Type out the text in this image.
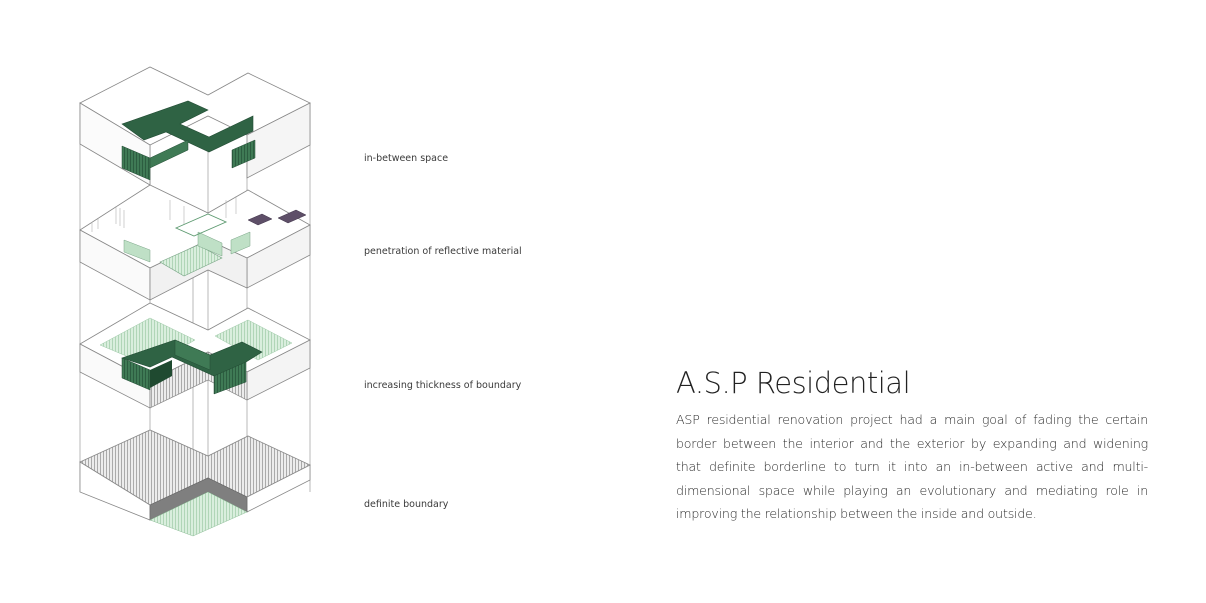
in-between space
penetration of reflective material
increasing thickness of boundary
definite boundary
A.S.P Residential

ASP residential renovation project had a main goal of fading the certain border between the interior and the exterior by expanding and widening that definite borderline to turn it into an in-between active and multi-dimensional space while playing an evolutionary and mediating role in improving the relationship between the inside and outside.
